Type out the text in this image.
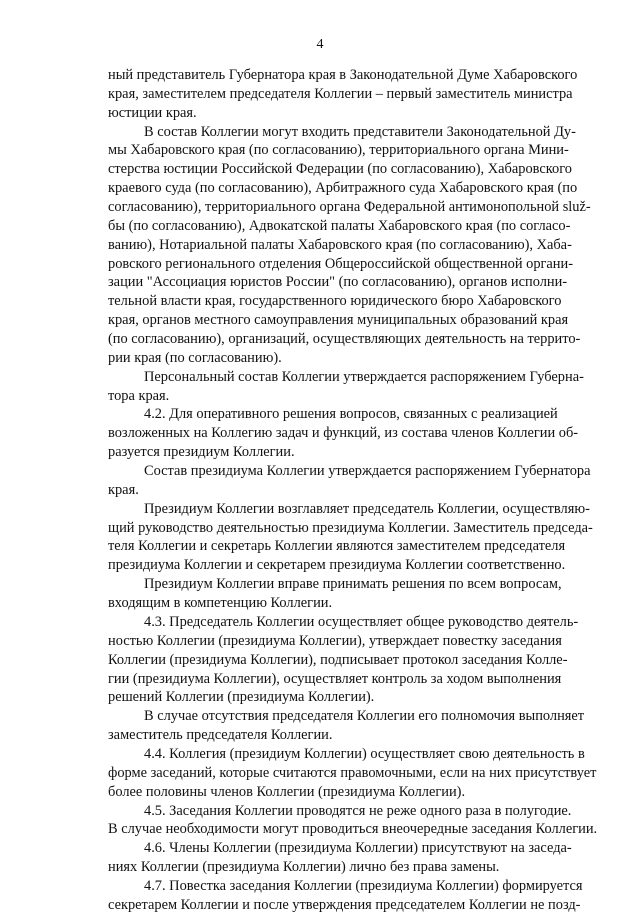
4
ный представитель Губернатора края в Законодательной Думе Хабаровского
края, заместителем председателя Коллегии – первый заместитель министра
юстиции края.
В состав Коллегии могут входить представители Законодательной Ду-
мы Хабаровского края (по согласованию), территориального органа Мини-
стерства юстиции Российской Федерации (по согласованию), Хабаровского
краевого суда (по согласованию), Арбитражного суда Хабаровского края (по
согласованию), территориального органа Федеральной антимонопольной služ-
бы (по согласованию), Адвокатской палаты Хабаровского края (по согласо-
ванию), Нотариальной палаты Хабаровского края (по согласованию), Хаба-
ровского регионального отделения Общероссийской общественной органи-
зации "Ассоциация юристов России" (по согласованию), органов исполни-
тельной власти края, государственного юридического бюро Хабаровского
края, органов местного самоуправления муниципальных образований края
(по согласованию), организаций, осуществляющих деятельность на террито-
рии края (по согласованию).
Персональный состав Коллегии утверждается распоряжением Губерна-
тора края.
4.2. Для оперативного решения вопросов, связанных с реализацией
возложенных на Коллегию задач и функций, из состава членов Коллегии об-
разуется президиум Коллегии.
Состав президиума Коллегии утверждается распоряжением Губернатора
края.
Президиум Коллегии возглавляет председатель Коллегии, осуществляю-
щий руководство деятельностью президиума Коллегии. Заместитель председа-
теля Коллегии и секретарь Коллегии являются заместителем председателя
президиума Коллегии и секретарем президиума Коллегии соответственно.
Президиум Коллегии вправе принимать решения по всем вопросам,
входящим в компетенцию Коллегии.
4.3. Председатель Коллегии осуществляет общее руководство деятель-
ностью Коллегии (президиума Коллегии), утверждает повестку заседания
Коллегии (президиума Коллегии), подписывает протокол заседания Колле-
гии (президиума Коллегии), осуществляет контроль за ходом выполнения
решений Коллегии (президиума Коллегии).
В случае отсутствия председателя Коллегии его полномочия выполняет
заместитель председателя Коллегии.
4.4. Коллегия (президиум Коллегии) осуществляет свою деятельность в
форме заседаний, которые считаются правомочными, если на них присутствует
более половины членов Коллегии (президиума Коллегии).
4.5. Заседания Коллегии проводятся не реже одного раза в полугодие.
В случае необходимости могут проводиться внеочередные заседания Коллегии.
4.6. Члены Коллегии (президиума Коллегии) присутствуют на заседа-
ниях Коллегии (президиума Коллегии) лично без права замены.
4.7. Повестка заседания Коллегии (президиума Коллегии) формируется
секретарем Коллегии и после утверждения председателем Коллегии не позд-
